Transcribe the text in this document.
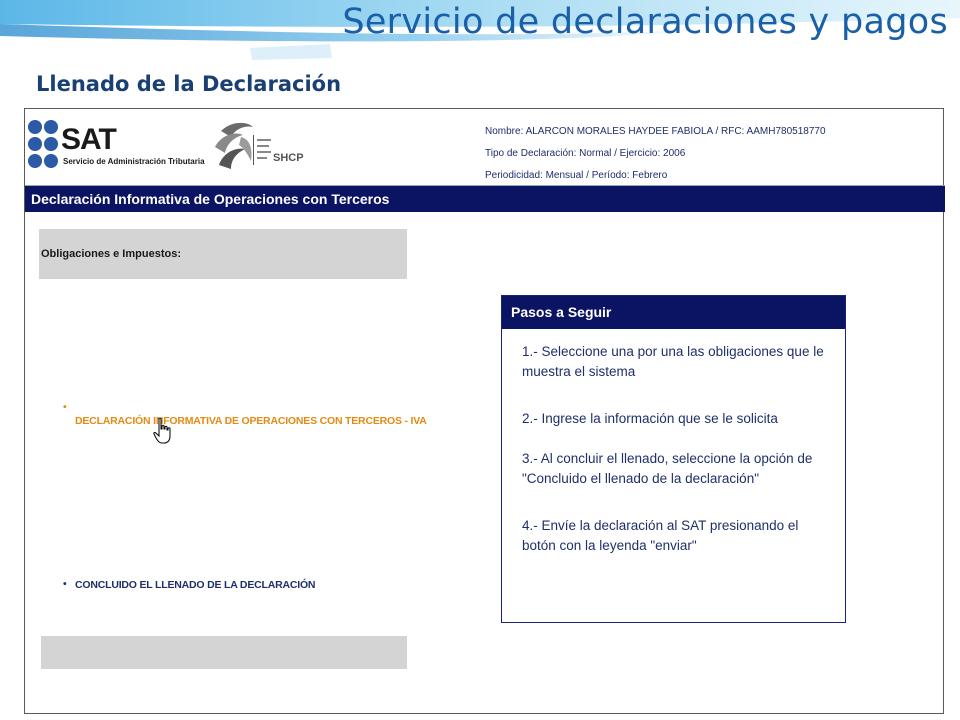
Servicio de declaraciones y pagos
Llenado de la Declaración
SAT
Servicio de Administración Tributaria	SHCP
Nombre: ALARCON MORALES HAYDEE FABIOLA / RFC: AAMH780518770
Tipo de Declaración: Normal / Ejercicio: 2006
Periodicidad: Mensual / Período: Febrero
Declaración Informativa de Operaciones con Terceros
Obligaciones e Impuestos:
•
DECLARACIÓN INFORMATIVA DE OPERACIONES CON TERCEROS - IVA
• CONCLUIDO EL LLENADO DE LA DECLARACIÓN
Pasos a Seguir
1.- Seleccione una por una las obligaciones que le muestra el sistema
2.- Ingrese la información que se le solicita
3.- Al concluir el llenado, seleccione la opción de "Concluido el llenado de la declaración"
4.- Envíe la declaración al SAT presionando el botón con la leyenda "enviar"
